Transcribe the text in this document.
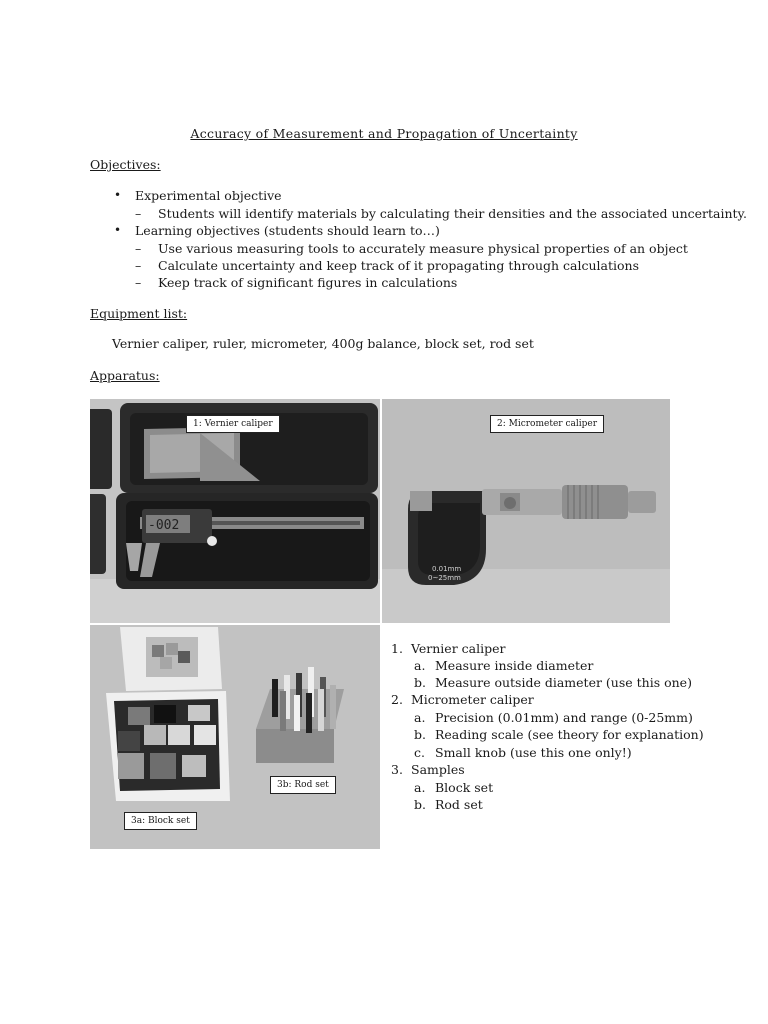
Accuracy of Measurement and Propagation of Uncertainty
Objectives:
• Experimental objective
– Students will identify materials by calculating their densities and the associated uncertainty.
• Learning objectives (students should learn to…)
– Use various measuring tools to accurately measure physical properties of an object
– Calculate uncertainty and keep track of it propagating through calculations
– Keep track of significant figures in calculations
Equipment list:
Vernier caliper, ruler, micrometer, 400g balance, block set, rod set
Apparatus:
-002
1: Vernier caliper
0.01mm
0~25mm
2: Micrometer caliper
3b: Rod set
3a: Block set
1. Vernier caliper
a. Measure inside diameter
b. Measure outside diameter (use this one)
2. Micrometer caliper
a. Precision (0.01mm) and range (0-25mm)
b. Reading scale (see theory for explanation)
c. Small knob (use this one only!)
3. Samples
a. Block set
b. Rod set
